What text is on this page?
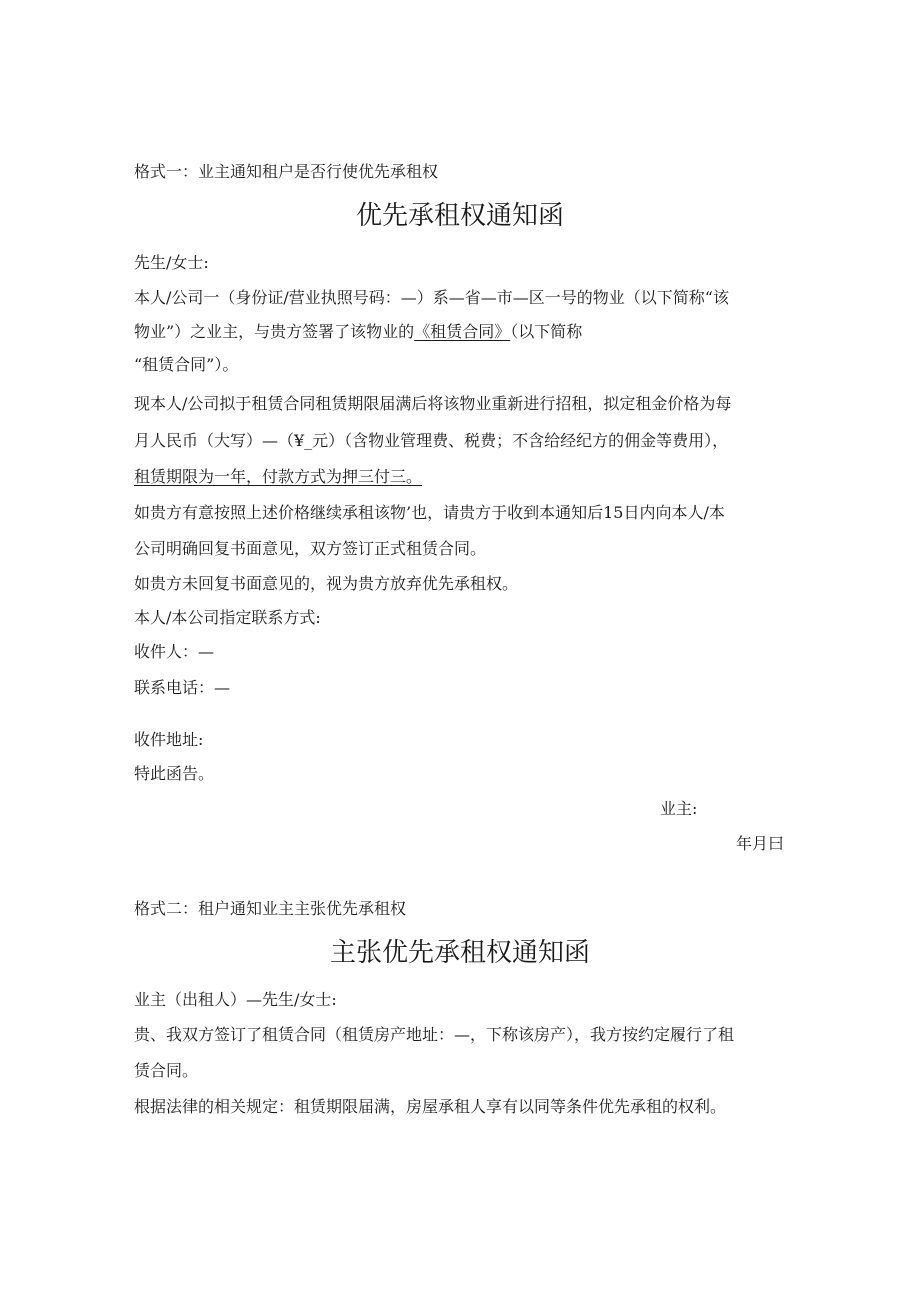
格式一：业主通知租户是否行使优先承租权
优先承租权通知函
先生/女士:
本人/公司一（身份证/营业执照号码：—）系—省—市—区一号的物业（以下简称“该
物业”）之业主，与贵方签署了该物业的《租赁合同》（以下简称
“租赁合同”）。
现本人/公司拟于租赁合同租赁期限届满后将该物业重新进行招租，拟定租金价格为每
月人民币（大写）—（¥_元）（含物业管理费、税费；不含给经纪方的佣金等费用），
租赁期限为一年，付款方式为押三付三。
如贵方有意按照上述价格继续承租该物’也，请贵方于收到本通知后15日内向本人/本
公司明确回复书面意见，双方签订正式租赁合同。
如贵方未回复书面意见的，视为贵方放弃优先承租权。
本人/本公司指定联系方式:
收件人：—
联系电话：—
收件地址:
特此函告。
业主:
年月曰
格式二：租户通知业主主张优先承租权
主张优先承租权通知函
业主（出租人）—先生/女士:
贵、我双方签订了租赁合同（租赁房产地址：—，下称该房产），我方按约定履行了租
赁合同。
根据法律的相关规定：租赁期限届满，房屋承租人享有以同等条件优先承租的权利。
